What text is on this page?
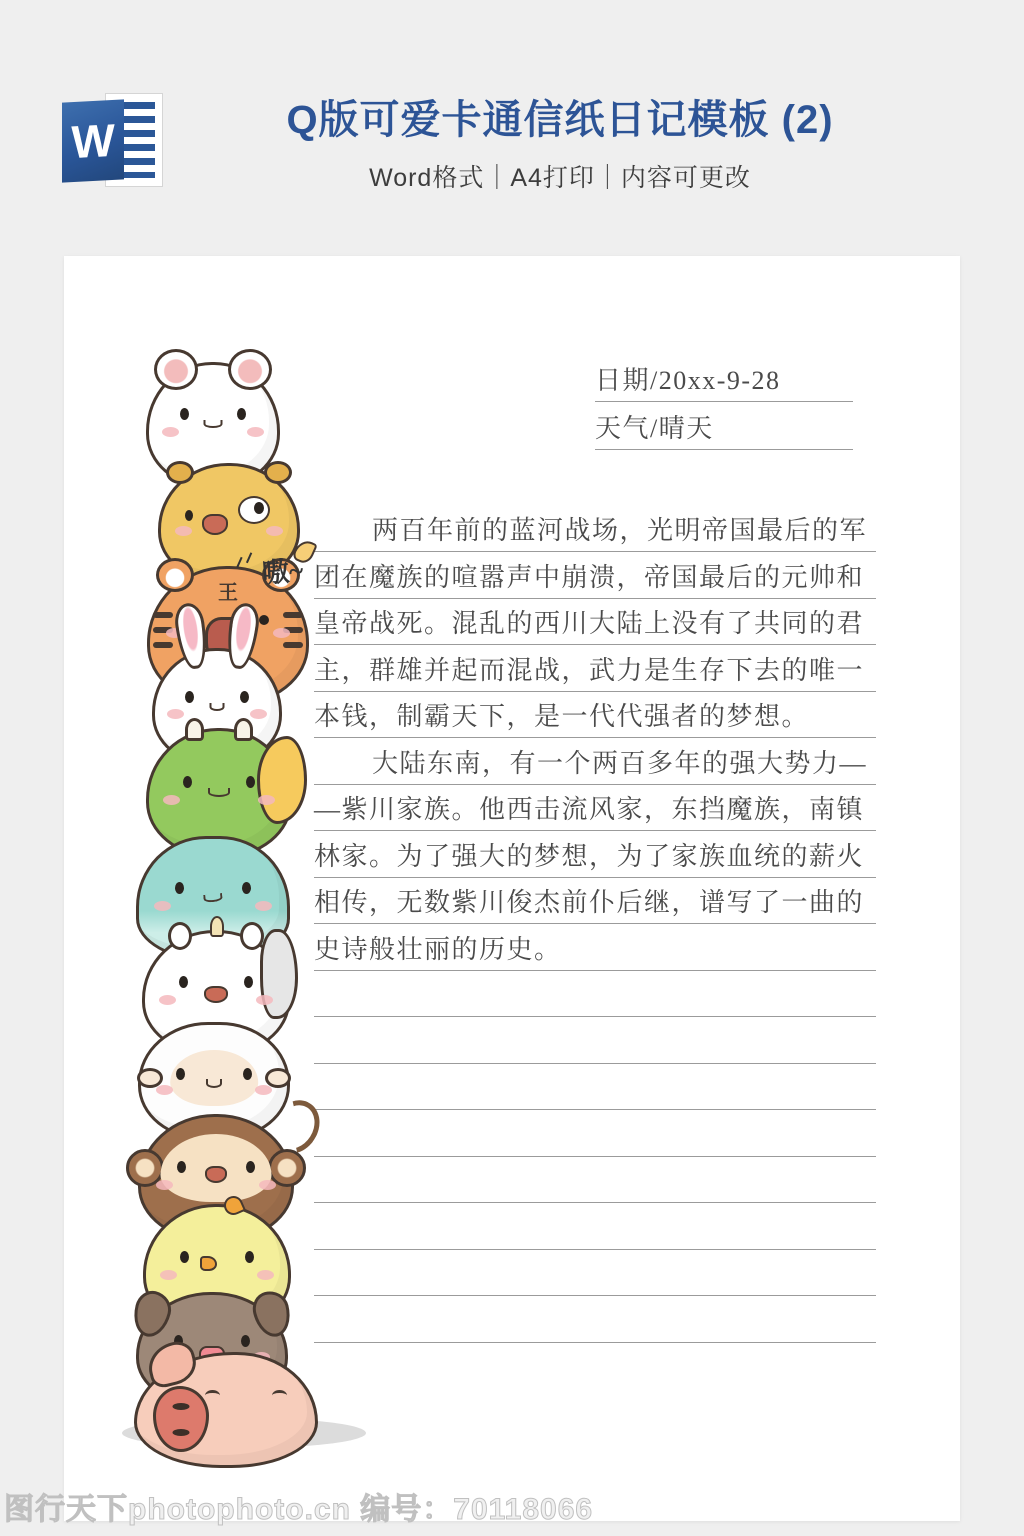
W	Q版可爱卡通信纸日记模板 (2)
Word格式｜A4打印｜内容可更改
日期/20xx-9-28
天气/晴天
两百年前的蓝河战场，光明帝国最后的军
团在魔族的喧嚣声中崩溃，帝国最后的元帅和
皇帝战死。混乱的西川大陆上没有了共同的君
主，群雄并起而混战，武力是生存下去的唯一
本钱，制霸天下，是一代代强者的梦想。
大陆东南，有一个两百多年的强大势力—
—紫川家族。他西击流风家，东挡魔族，南镇
林家。为了强大的梦想，为了家族血统的薪火
相传，无数紫川俊杰前仆后继，谱写了一曲的
史诗般壮丽的历史。
嗷~
王
图行天下photophoto.cn 编号：70118066
